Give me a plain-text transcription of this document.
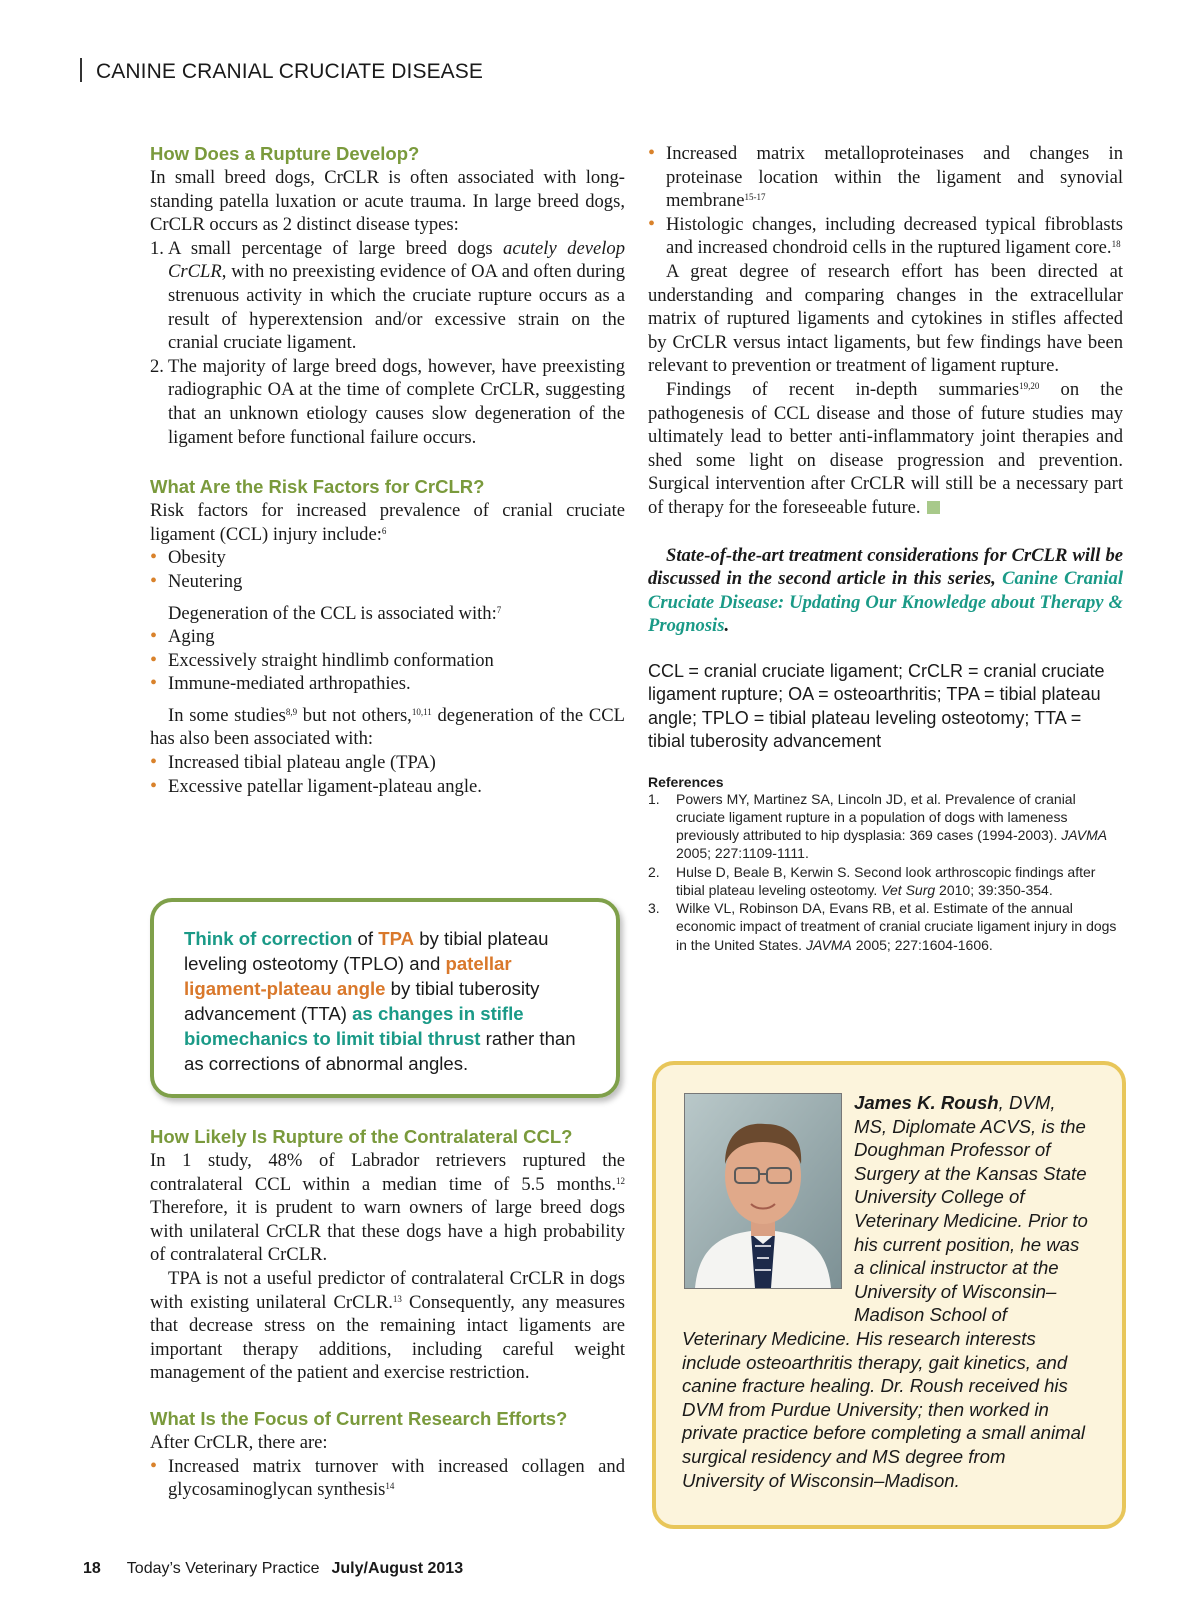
CANINE CRANIAL CRUCIATE DISEASE
How Does a Rupture Develop?

In small breed dogs, CrCLR is often associated with long-standing patella luxation or acute trauma. In large breed dogs, CrCLR occurs as 2 distinct disease types:

1. A small percentage of large breed dogs acutely develop CrCLR, with no preexisting evidence of OA and often during strenuous activity in which the cruciate rupture occurs as a result of hyperextension and/or excessive strain on the cranial cruciate ligament.
2. The majority of large breed dogs, however, have preexisting radiographic OA at the time of complete CrCLR, suggesting that an unknown etiology causes slow degeneration of the ligament before functional failure occurs.
What Are the Risk Factors for CrCLR?

Risk factors for increased prevalence of cranial cruciate ligament (CCL) injury include:$^6$

• Obesity
• Neutering

Degeneration of the CCL is associated with:$^7$

• Aging
• Excessively straight hindlimb conformation
• Immune-mediated arthropathies.

In some studies$^{8,9}$ but not others,$^{10,11}$ degeneration of the CCL has also been associated with:

• Increased tibial plateau angle (TPA)
• Excessive patellar ligament-plateau angle.
Think of correction of TPA by tibial plateau leveling osteotomy (TPLO) and patellar ligament-plateau angle by tibial tuberosity advancement (TTA) as changes in stifle biomechanics to limit tibial thrust rather than as corrections of abnormal angles.
How Likely Is Rupture of the Contralateral CCL?

In 1 study, 48% of Labrador retrievers ruptured the contralateral CCL within a median time of 5.5 months.$^{12}$ Therefore, it is prudent to warn owners of large breed dogs with unilateral CrCLR that these dogs have a high probability of contralateral CrCLR.

TPA is not a useful predictor of contralateral CrCLR in dogs with existing unilateral CrCLR.$^{13}$ Consequently, any measures that decrease stress on the remaining intact ligaments are important therapy additions, including careful weight management of the patient and exercise restriction.

What Is the Focus of Current Research Efforts?

After CrCLR, there are:

• Increased matrix turnover with increased collagen and glycosaminoglycan synthesis$^{14}$
• Increased matrix metalloproteinases and changes in proteinase location within the ligament and synovial membrane$^{15-17}$
• Histologic changes, including decreased typical fibroblasts and increased chondroid cells in the ruptured ligament core.$^{18}$

A great degree of research effort has been directed at understanding and comparing changes in the extracellular matrix of ruptured ligaments and cytokines in stifles affected by CrCLR versus intact ligaments, but few findings have been relevant to prevention or treatment of ligament rupture.

Findings of recent in-depth summaries$^{19,20}$ on the pathogenesis of CCL disease and those of future studies may ultimately lead to better anti-inflammatory joint therapies and shed some light on disease progression and prevention. Surgical intervention after CrCLR will still be a necessary part of therapy for the foreseeable future.

State-of-the-art treatment considerations for CrCLR will be discussed in the second article in this series, Canine Cranial Cruciate Disease: Updating Our Knowledge about Therapy & Prognosis.

CCL = cranial cruciate ligament; CrCLR = cranial cruciate ligament rupture; OA = osteoarthritis; TPA = tibial plateau angle; TPLO = tibial plateau leveling osteotomy; TTA = tibial tuberosity advancement

References

1. Powers MY, Martinez SA, Lincoln JD, et al. Prevalence of cranial cruciate ligament rupture in a population of dogs with lameness previously attributed to hip dysplasia: 369 cases (1994-2003). JAVMA 2005; 227:1109-1111.
2. Hulse D, Beale B, Kerwin S. Second look arthroscopic findings after tibial plateau leveling osteotomy. Vet Surg 2010; 39:350-354.
3. Wilke VL, Robinson DA, Evans RB, et al. Estimate of the annual economic impact of treatment of cranial cruciate ligament injury in dogs in the United States. JAVMA 2005; 227:1604-1606.
James K. Roush, DVM, MS, Diplomate ACVS, is the Doughman Professor of Surgery at the Kansas State University College of Veterinary Medicine. Prior to his current position, he was a clinical instructor at the University of Wisconsin–Madison School of Veterinary Medicine. His research interests include osteoarthritis therapy, gait kinetics, and canine fracture healing. Dr. Roush received his DVM from Purdue University; then worked in private practice before completing a small animal surgical residency and MS degree from University of Wisconsin–Madison.
18 Today’s Veterinary Practice July/August 2013
